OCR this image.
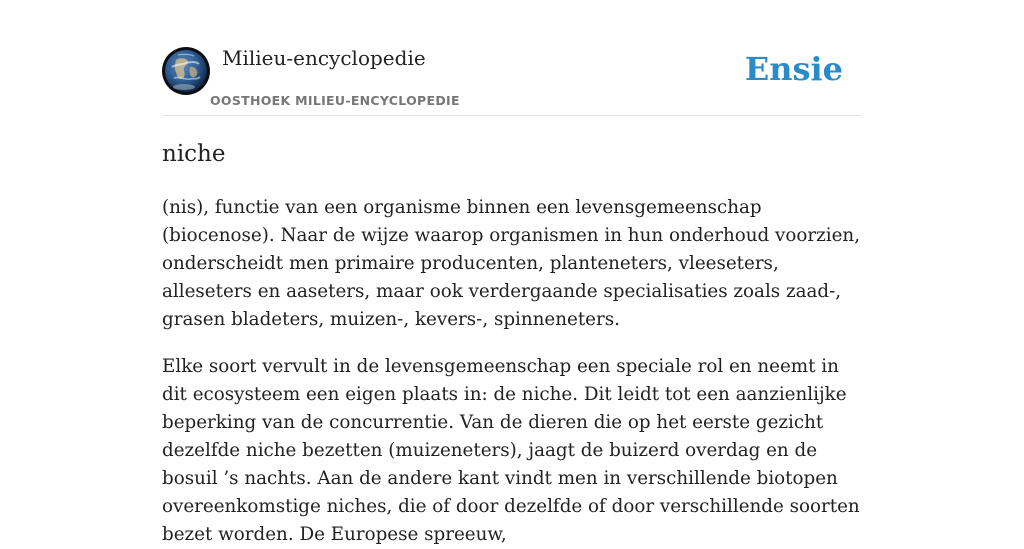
Milieu-encyclopedie
OOSTHOEK MILIEU-ENCYCLOPEDIE
Ensie
niche

(nis), functie van een organisme binnen een levensgemeenschap (biocenose). Naar de wijze waarop organismen in hun onderhoud voorzien, onderscheidt men primaire producenten, planteneters, vleeseters, alleseters en aaseters, maar ook verdergaande specialisaties zoals zaad-, grasen bladeters, muizen-, kevers-, spinneneters.

Elke soort vervult in de levensgemeenschap een speciale rol en neemt in dit ecosysteem een eigen plaats in: de niche. Dit leidt tot een aanzienlijke beperking van de concurrentie. Van de dieren die op het eerste gezicht dezelfde niche bezetten (muizeneters), jaagt de buizerd overdag en de bosuil ’s nachts. Aan de andere kant vindt men in verschillende biotopen overeenkomstige niches, die of door dezelfde of door verschillende soorten bezet worden. De Europese spreeuw,
